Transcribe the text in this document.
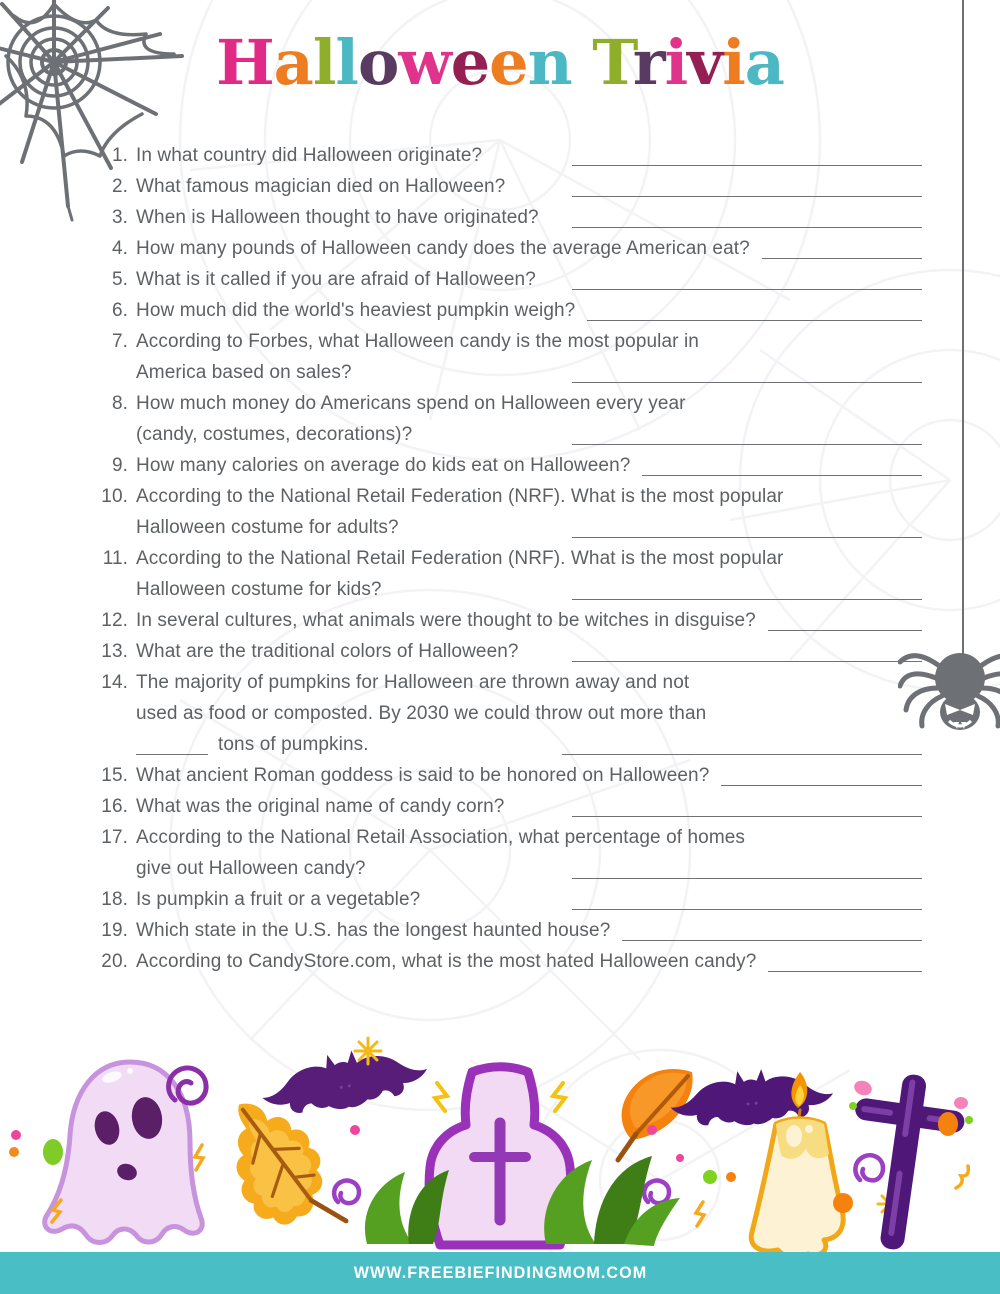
Halloween Trivia
1. In what country did Halloween originate?
2. What famous magician died on Halloween?
3. When is Halloween thought to have originated?
4. How many pounds of Halloween candy does the average American eat?
5. What is it called if you are afraid of Halloween?
6. How much did the world's heaviest pumpkin weigh?
7. According to Forbes, what Halloween candy is the most popular in
America based on sales?
8. How much money do Americans spend on Halloween every year
(candy, costumes, decorations)?
9. How many calories on average do kids eat on Halloween?
10. According to the National Retail Federation (NRF). What is the most popular
Halloween costume for adults?
11. According to the National Retail Federation (NRF). What is the most popular
Halloween costume for kids?
12. In several cultures, what animals were thought to be witches in disguise?
13. What are the traditional colors of Halloween?
14. The majority of pumpkins for Halloween are thrown away and not
used as food or composted. By 2030 we could throw out more than
tons of pumpkins.
15. What ancient Roman goddess is said to be honored on Halloween?
16. What was the original name of candy corn?
17. According to the National Retail Association, what percentage of homes
give out Halloween candy?
18. Is pumpkin a fruit or a vegetable?
19. Which state in the U.S. has the longest haunted house?
20. According to CandyStore.com, what is the most hated Halloween candy?
WWW.FREEBIEFINDINGMOM.COM
